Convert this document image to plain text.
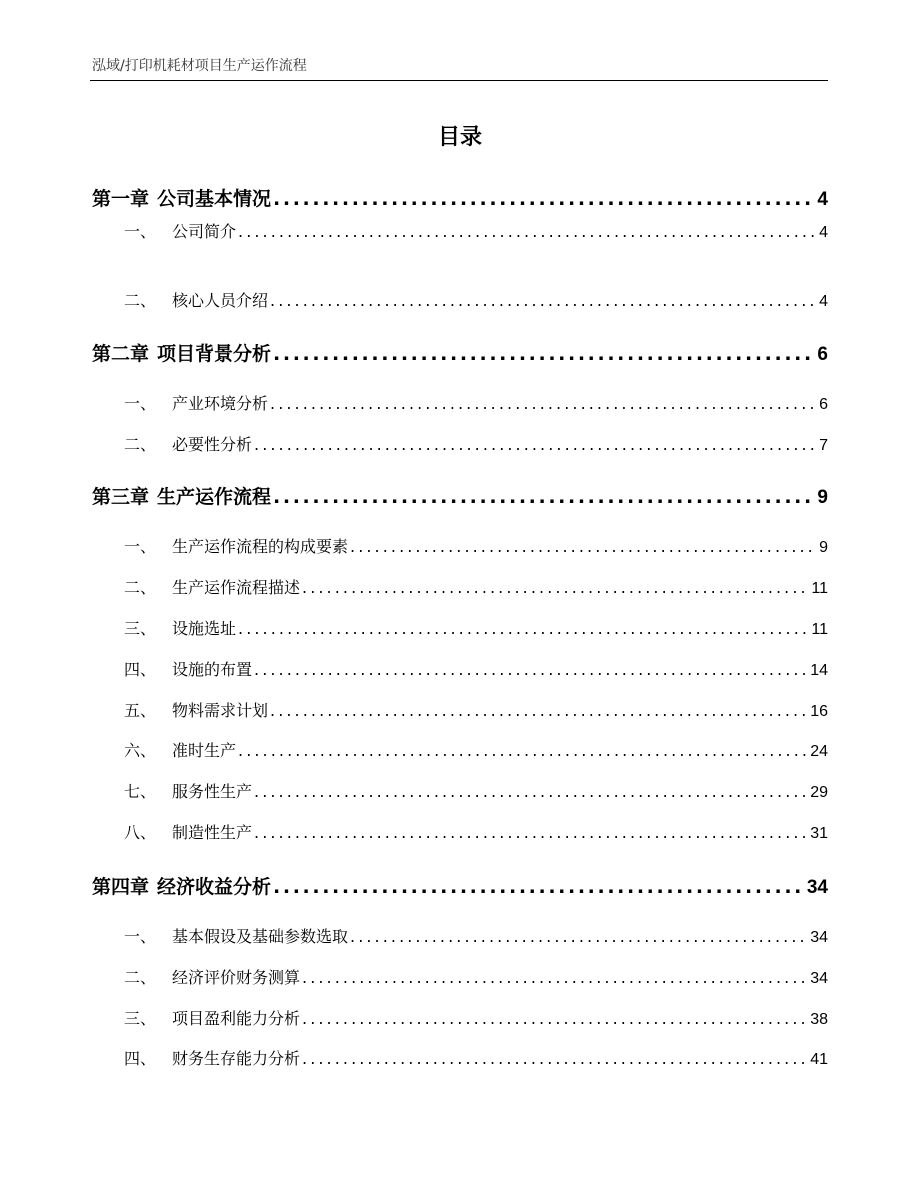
泓域/打印机耗材项目生产运作流程
目录
第一章 公司基本情况 . . .	4
一、 公司简介 . . .	4
二、 核心人员介绍 . . .	4
第二章 项目背景分析 . . .	6
一、 产业环境分析 . . .	6
二、 必要性分析 . . .	7
第三章 生产运作流程 . . .	9
一、 生产运作流程的构成要素 . . .	9
二、 生产运作流程描述 . . .	11
三、 设施选址 . . .	11
四、 设施的布置 . . .	14
五、 物料需求计划 . . .	16
六、 准时生产 . . .	24
七、 服务性生产 . . .	29
八、 制造性生产 . . .	31
第四章 经济收益分析 . . .	34
一、 基本假设及基础参数选取 . . .	34
二、 经济评价财务测算 . . .	34
三、 项目盈利能力分析 . . .	38
四、 财务生存能力分析 . . .	41
